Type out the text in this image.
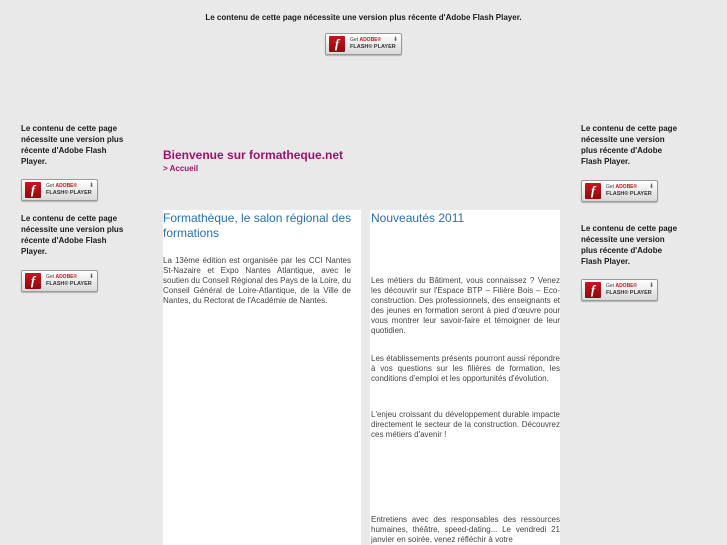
Le contenu de cette page nécessite une version plus récente d'Adobe Flash Player.
f	Get ADOBE®
FLASH® PLAYER
⬇
Le contenu de cette page nécessite une version plus récente d'Adobe Flash Player.
f	Get ADOBE®
FLASH® PLAYER
⬇
Le contenu de cette page nécessite une version plus récente d'Adobe Flash Player.
f	Get ADOBE®
FLASH® PLAYER
⬇
Le contenu de cette page nécessite une version plus récente d'Adobe Flash Player.
f	Get ADOBE®
FLASH® PLAYER
⬇
Le contenu de cette page nécessite une version plus récente d'Adobe Flash Player.
f	Get ADOBE®
FLASH® PLAYER
⬇
Bienvenue sur formatheque.net
> Accueil
Formathèque, le salon régional des formations
La 13ème édition est organisée par les CCI Nantes St-Nazaire et Expo Nantes Atlantique, avec le soutien du Conseil Régional des Pays de la Loire, du Conseil Général de Loire-Atlantique, de la Ville de Nantes, du Rectorat de l'Académie de Nantes.
Nouveautés 2011
Les métiers du Bâtiment, vous connaissez ? Venez les découvrir sur l'Espace BTP – Filière Bois – Eco-construction. Des professionnels, des enseignants et des jeunes en formation seront à pied d'œuvre pour vous montrer leur savoir-faire et témoigner de leur quotidien.
Les établissements présents pourront aussi répondre à vos questions sur les filières de formation, les conditions d'emploi et les opportunités d'évolution.
L'enjeu croissant du développement durable impacte directement le secteur de la construction. Découvrez ces métiers d'avenir !
Entretiens avec des responsables des ressources humaines, théâtre, speed-dating... Le vendredi 21 janvier en soirée, venez réfléchir à votre
